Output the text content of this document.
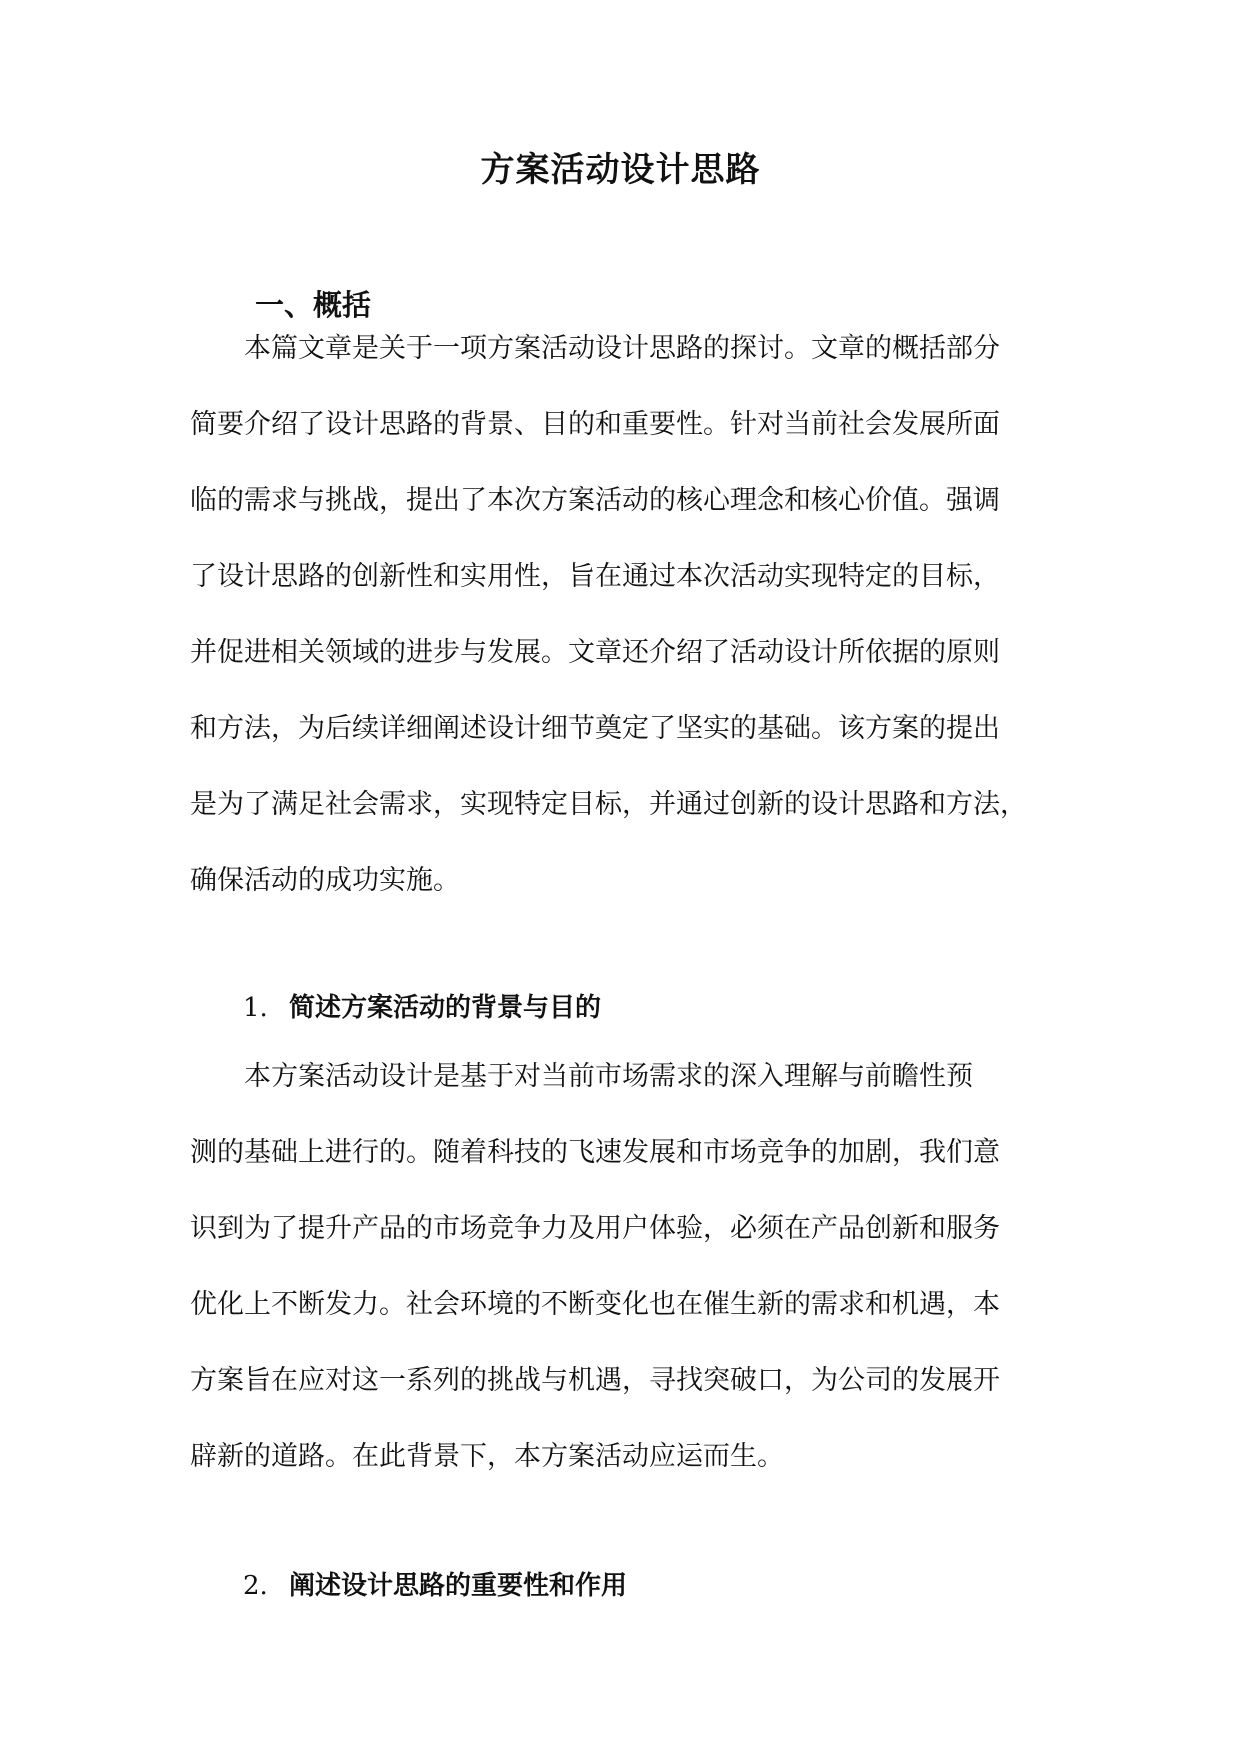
方案活动设计思路
一、概括
本篇文章是关于一项方案活动设计思路的探讨。文章的概括部分
简要介绍了设计思路的背景、目的和重要性。针对当前社会发展所面
临的需求与挑战，提出了本次方案活动的核心理念和核心价值。强调
了设计思路的创新性和实用性，旨在通过本次活动实现特定的目标，
并促进相关领域的进步与发展。文章还介绍了活动设计所依据的原则
和方法，为后续详细阐述设计细节奠定了坚实的基础。该方案的提出
是为了满足社会需求，实现特定目标，并通过创新的设计思路和方法，
确保活动的成功实施。
1. 简述方案活动的背景与目的
本方案活动设计是基于对当前市场需求的深入理解与前瞻性预
测的基础上进行的。随着科技的飞速发展和市场竞争的加剧，我们意
识到为了提升产品的市场竞争力及用户体验，必须在产品创新和服务
优化上不断发力。社会环境的不断变化也在催生新的需求和机遇，本
方案旨在应对这一系列的挑战与机遇，寻找突破口，为公司的发展开
辟新的道路。在此背景下，本方案活动应运而生。
2. 阐述设计思路的重要性和作用
